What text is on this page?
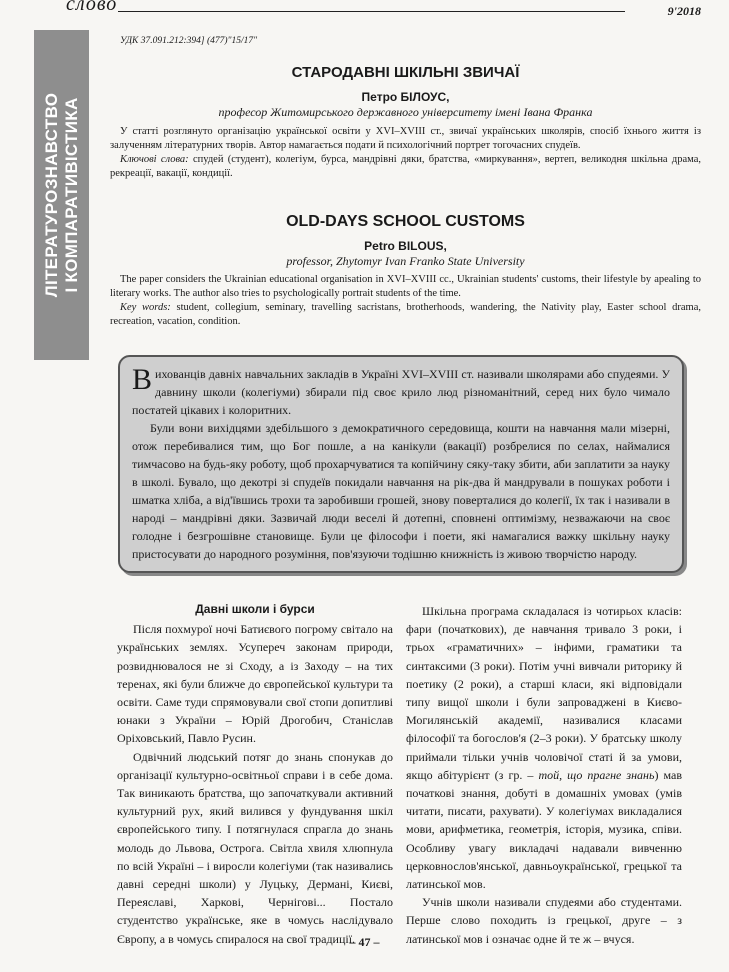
слово	9'2018
ЛІТЕРАТУРОЗНАВСТВО І КОМПАРАТИВІСТИКА
УДК 37.091.212:394] (477)"15/17"
СТАРОДАВНІ ШКІЛЬНІ ЗВИЧАЇ
Петро БІЛОУС,
професор Житомирського державного університету імені Івана Франка

У статті розглянуто організацію української освіти у XVI–XVIII ст., звичаї українських школярів, спосіб їхнього життя із залученням літературних творів. Автор намагається подати й психологічний портрет тогочасних спудеїв.

Ключові слова: спудей (студент), колегіум, бурса, мандрівні дяки, братства, «миркування», вертеп, великодня шкільна драма, рекреації, вакації, кондиції.

OLD-DAYS SCHOOL CUSTOMS
Petro BILOUS,
professor, Zhytomyr Ivan Franko State University

The paper considers the Ukrainian educational organisation in XVI–XVIII cc., Ukrainian students' customs, their lifestyle by apealing to literary works. The author also tries to psychologically portrait students of the time.

Key words: student, collegium, seminary, travelling sacristans, brotherhoods, wandering, the Nativity play, Easter school drama, recreation, vacation, condition.

Вихованців давніх навчальних закладів в Україні XVI–XVIII ст. називали школярами або спудеями. У давнину школи (колегіуми) збирали під своє крило люд різноманітний, серед них було чимало постатей цікавих і колоритних.

Були вони вихідцями здебільшого з демократичного середовища, кошти на навчання мали мізерні, отож перебивалися тим, що Бог пошле, а на канікули (вакації) розбрелися по селах, наймалися тимчасово на будь-яку роботу, щоб прохарчуватися та копійчину сяку-таку збити, аби заплатити за науку в школі. Бувало, що декотрі зі спудеїв покидали навчання на рік-два й мандрували в пошуках роботи і шматка хліба, а від'ївшись трохи та заробивши грошей, знову поверталися до колегії, їх так і називали в народі – мандрівні дяки. Зазвичай люди веселі й дотепні, сповнені оптимізму, незважаючи на своє голодне і безгрошівне становище. Були це філософи і поети, які намагалися важку шкільну науку пристосувати до народного розуміння, пов'язуючи тодішню книжність із живою творчістю народу.

Давні школи і бурси

Після похмурої ночі Батиєвого погрому світало на українських землях. Усупереч законам природи, розвиднювалося не зі Сходу, а із Заходу – на тих теренах, які були ближче до європейської культури та освіти. Саме туди спрямовували свої стопи допитливі юнаки з України – Юрій Дрогобич, Станіслав Оріховський, Павло Русин.

Одвічний людський потяг до знань спонукав до організації культурно-освітньої справи і в себе дома. Так виникають братства, що започаткували активний культурний рух, який вилився у фундування шкіл європейського типу. І потягнулася спрагла до знань молодь до Львова, Острога. Світла хвиля хлюпнула по всій Україні – і виросли колегіуми (так називались давні середні школи) у Луцьку, Дермані, Києві, Переяславі, Харкові, Чернігові... Постало студентство українське, яке в чомусь наслідувало Європу, а в чомусь спиралося на свої традиції.

Шкільна програма складалася із чотирьох класів: фари (початкових), де навчання тривало 3 роки, і трьох «граматичних» – інфими, граматики та синтаксими (3 роки). Потім учні вивчали риторику й поетику (2 роки), а старші класи, які відповідали типу вищої школи і були запроваджені в Києво-Могилянській академії, називалися класами філософії та богослов'я (2–3 роки). У братську школу приймали тільки учнів чоловічої статі й за умови, якщо абітурієнт (з гр. – той, що прагне знань) мав початкові знання, добуті в домашніх умовах (умів читати, писати, рахувати). У колегіумах викладалися мови, арифметика, геометрія, історія, музика, співи. Особливу увагу викладачі надавали вивченню церковнослов'янської, давньоукраїнської, грецької та латинської мов.

Учнів школи називали спудеями або студентами. Перше слово походить із грецької, друге – з латинської мов і означає одне й те ж – вчуся.

– 47 –
